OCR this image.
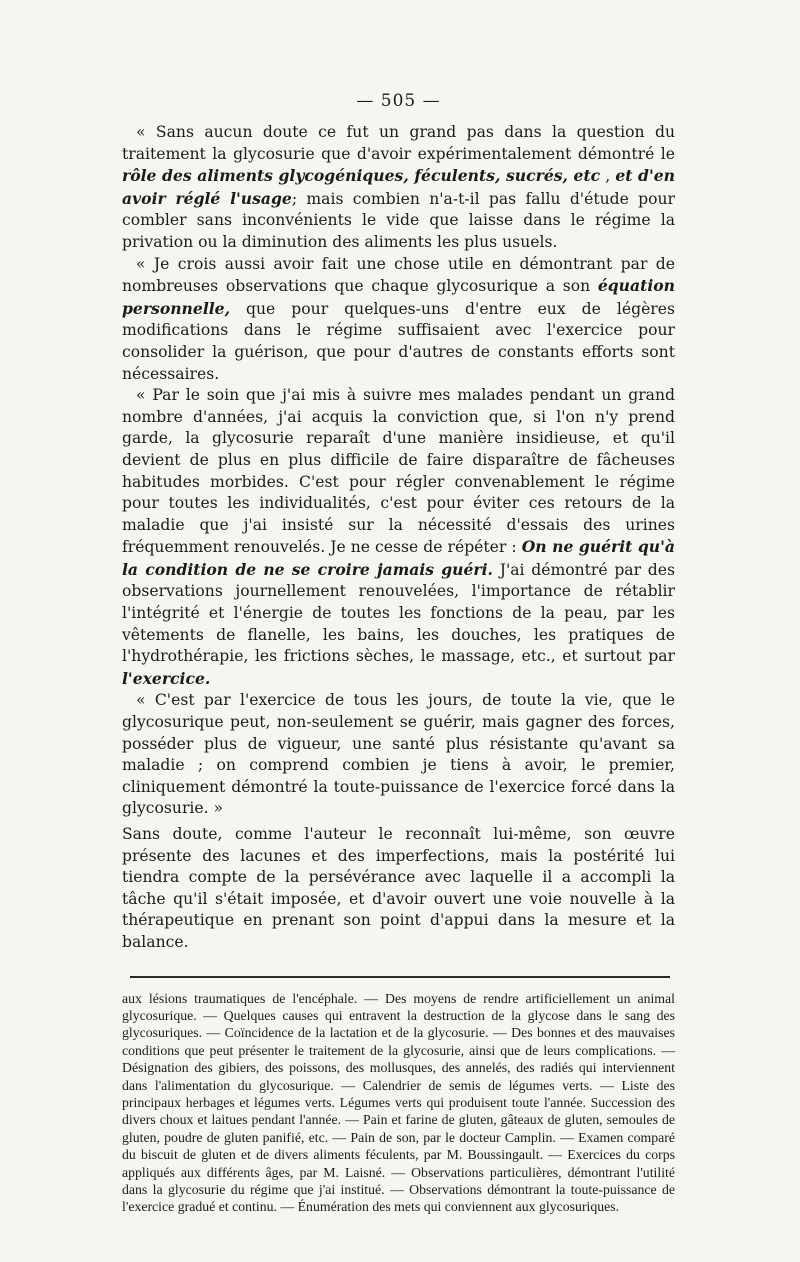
— 505 —

« Sans aucun doute ce fut un grand pas dans la question du traitement la glycosurie que d'avoir expérimentalement démontré le rôle des aliments glycogéniques, féculents, sucrés, etc , et d'en avoir réglé l'usage; mais combien n'a-t-il pas fallu d'étude pour combler sans inconvénients le vide que laisse dans le régime la privation ou la diminution des aliments les plus usuels.

« Je crois aussi avoir fait une chose utile en démontrant par de nombreuses observations que chaque glycosurique a son équation personnelle, que pour quelques-uns d'entre eux de légères modifications dans le régime suffisaient avec l'exercice pour consolider la guérison, que pour d'autres de constants efforts sont nécessaires.

« Par le soin que j'ai mis à suivre mes malades pendant un grand nombre d'années, j'ai acquis la conviction que, si l'on n'y prend garde, la glycosurie reparaît d'une manière insidieuse, et qu'il devient de plus en plus difficile de faire disparaître de fâcheuses habitudes morbides. C'est pour régler convenablement le régime pour toutes les individualités, c'est pour éviter ces retours de la maladie que j'ai insisté sur la nécessité d'essais des urines fréquemment renouvelés. Je ne cesse de répéter : On ne guérit qu'à la condition de ne se croire jamais guéri. J'ai démontré par des observations journellement renouvelées, l'importance de rétablir l'intégrité et l'énergie de toutes les fonctions de la peau, par les vêtements de flanelle, les bains, les douches, les pratiques de l'hydrothérapie, les frictions sèches, le massage, etc., et surtout par l'exercice.

« C'est par l'exercice de tous les jours, de toute la vie, que le glycosurique peut, non-seulement se guérir, mais gagner des forces, posséder plus de vigueur, une santé plus résistante qu'avant sa maladie ; on comprend combien je tiens à avoir, le premier, cliniquement démontré la toute-puissance de l'exercice forcé dans la glycosurie. »

Sans doute, comme l'auteur le reconnaît lui-même, son œuvre présente des lacunes et des imperfections, mais la postérité lui tiendra compte de la persévérance avec laquelle il a accompli la tâche qu'il s'était imposée, et d'avoir ouvert une voie nouvelle à la thérapeutique en prenant son point d'appui dans la mesure et la balance.

aux lésions traumatiques de l'encéphale. — Des moyens de rendre artificiellement un animal glycosurique. — Quelques causes qui entravent la destruction de la glycose dans le sang des glycosuriques. — Coïncidence de la lactation et de la glycosurie. — Des bonnes et des mauvaises conditions que peut présenter le traitement de la glycosurie, ainsi que de leurs complications. — Désignation des gibiers, des poissons, des mollusques, des annelés, des radiés qui interviennent dans l'alimentation du glycosurique. — Calendrier de semis de légumes verts. — Liste des principaux herbages et légumes verts. Légumes verts qui produisent toute l'année. Succession des divers choux et laitues pendant l'année. — Pain et farine de gluten, gâteaux de gluten, semoules de gluten, poudre de gluten panifié, etc. — Pain de son, par le docteur Camplin. — Examen comparé du biscuit de gluten et de divers aliments féculents, par M. Boussingault. — Exercices du corps appliqués aux différents âges, par M. Laisné. — Observations particulières, démontrant l'utilité dans la glycosurie du régime que j'ai institué. — Observations démontrant la toute-puissance de l'exercice gradué et continu. — Énumération des mets qui conviennent aux glycosuriques.
